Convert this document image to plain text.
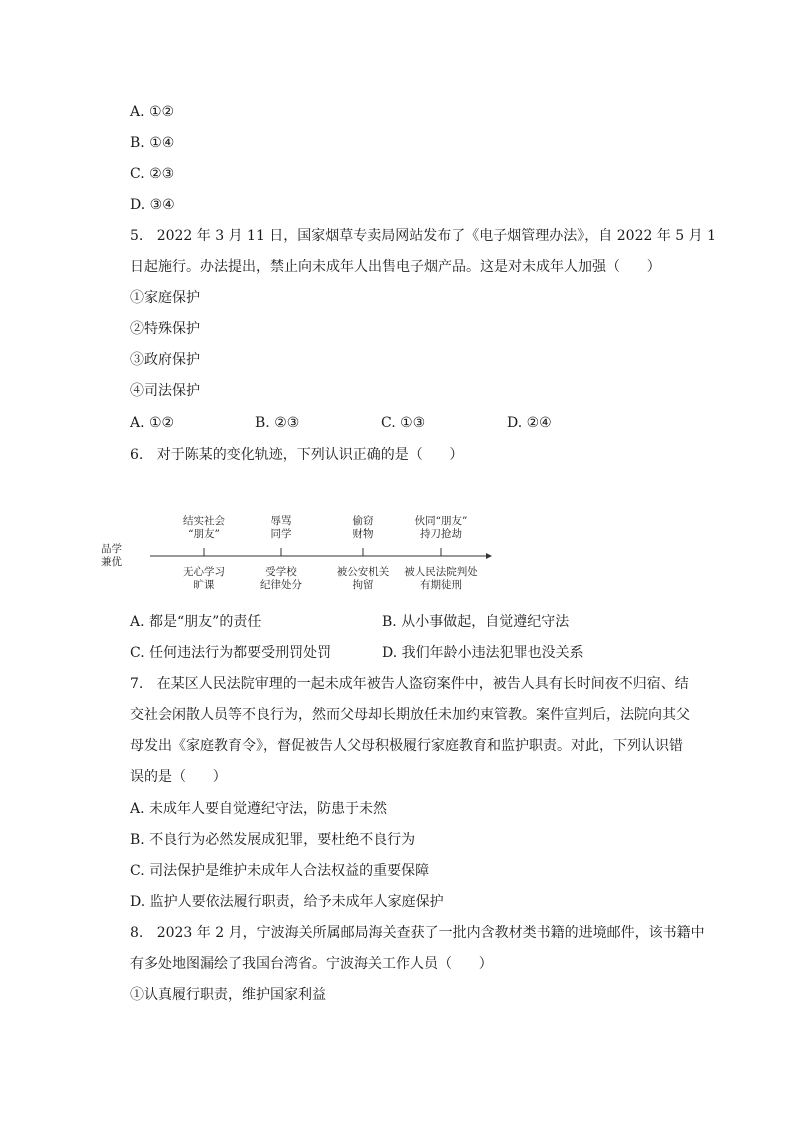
A. ①②
B. ①④
C. ②③
D. ③④
5.   2022 年 3 月 11 日，国家烟草专卖局网站发布了《电子烟管理办法》，自 2022 年 5 月 1
日起施行。办法提出，禁止向未成年人出售电子烟产品。这是对未成年人加强（      ）
①家庭保护
②特殊保护
③政府保护
④司法保护
A. ①②	B. ②③	C. ①③	D. ②④
6.   对于陈某的变化轨迹，下列认识正确的是（      ）
品学
兼优
结实社会
“朋友”
辱骂
同学
偷窃
财物
伙同“朋友”
持刀抢劫
无心学习
旷课
受学校
纪律处分
被公安机关
拘留
被人民法院判处
有期徒刑
A. 都是“朋友”的责任	B. 从小事做起，自觉遵纪守法
C. 任何违法行为都要受刑罚处罚	D. 我们年龄小违法犯罪也没关系
7.   在某区人民法院审理的一起未成年被告人盗窃案件中，被告人具有长时间夜不归宿、结
交社会闲散人员等不良行为，然而父母却长期放任未加约束管教。案件宣判后，法院向其父
母发出《家庭教育令》，督促被告人父母积极履行家庭教育和监护职责。对此，下列认识错
误的是（      ）
A. 未成年人要自觉遵纪守法，防患于未然
B. 不良行为必然发展成犯罪，要杜绝不良行为
C. 司法保护是维护未成年人合法权益的重要保障
D. 监护人要依法履行职责，给予未成年人家庭保护
8.   2023 年 2 月，宁波海关所属邮局海关查获了一批内含教材类书籍的进境邮件，该书籍中
有多处地图漏绘了我国台湾省。宁波海关工作人员（      ）
①认真履行职责，维护国家利益
